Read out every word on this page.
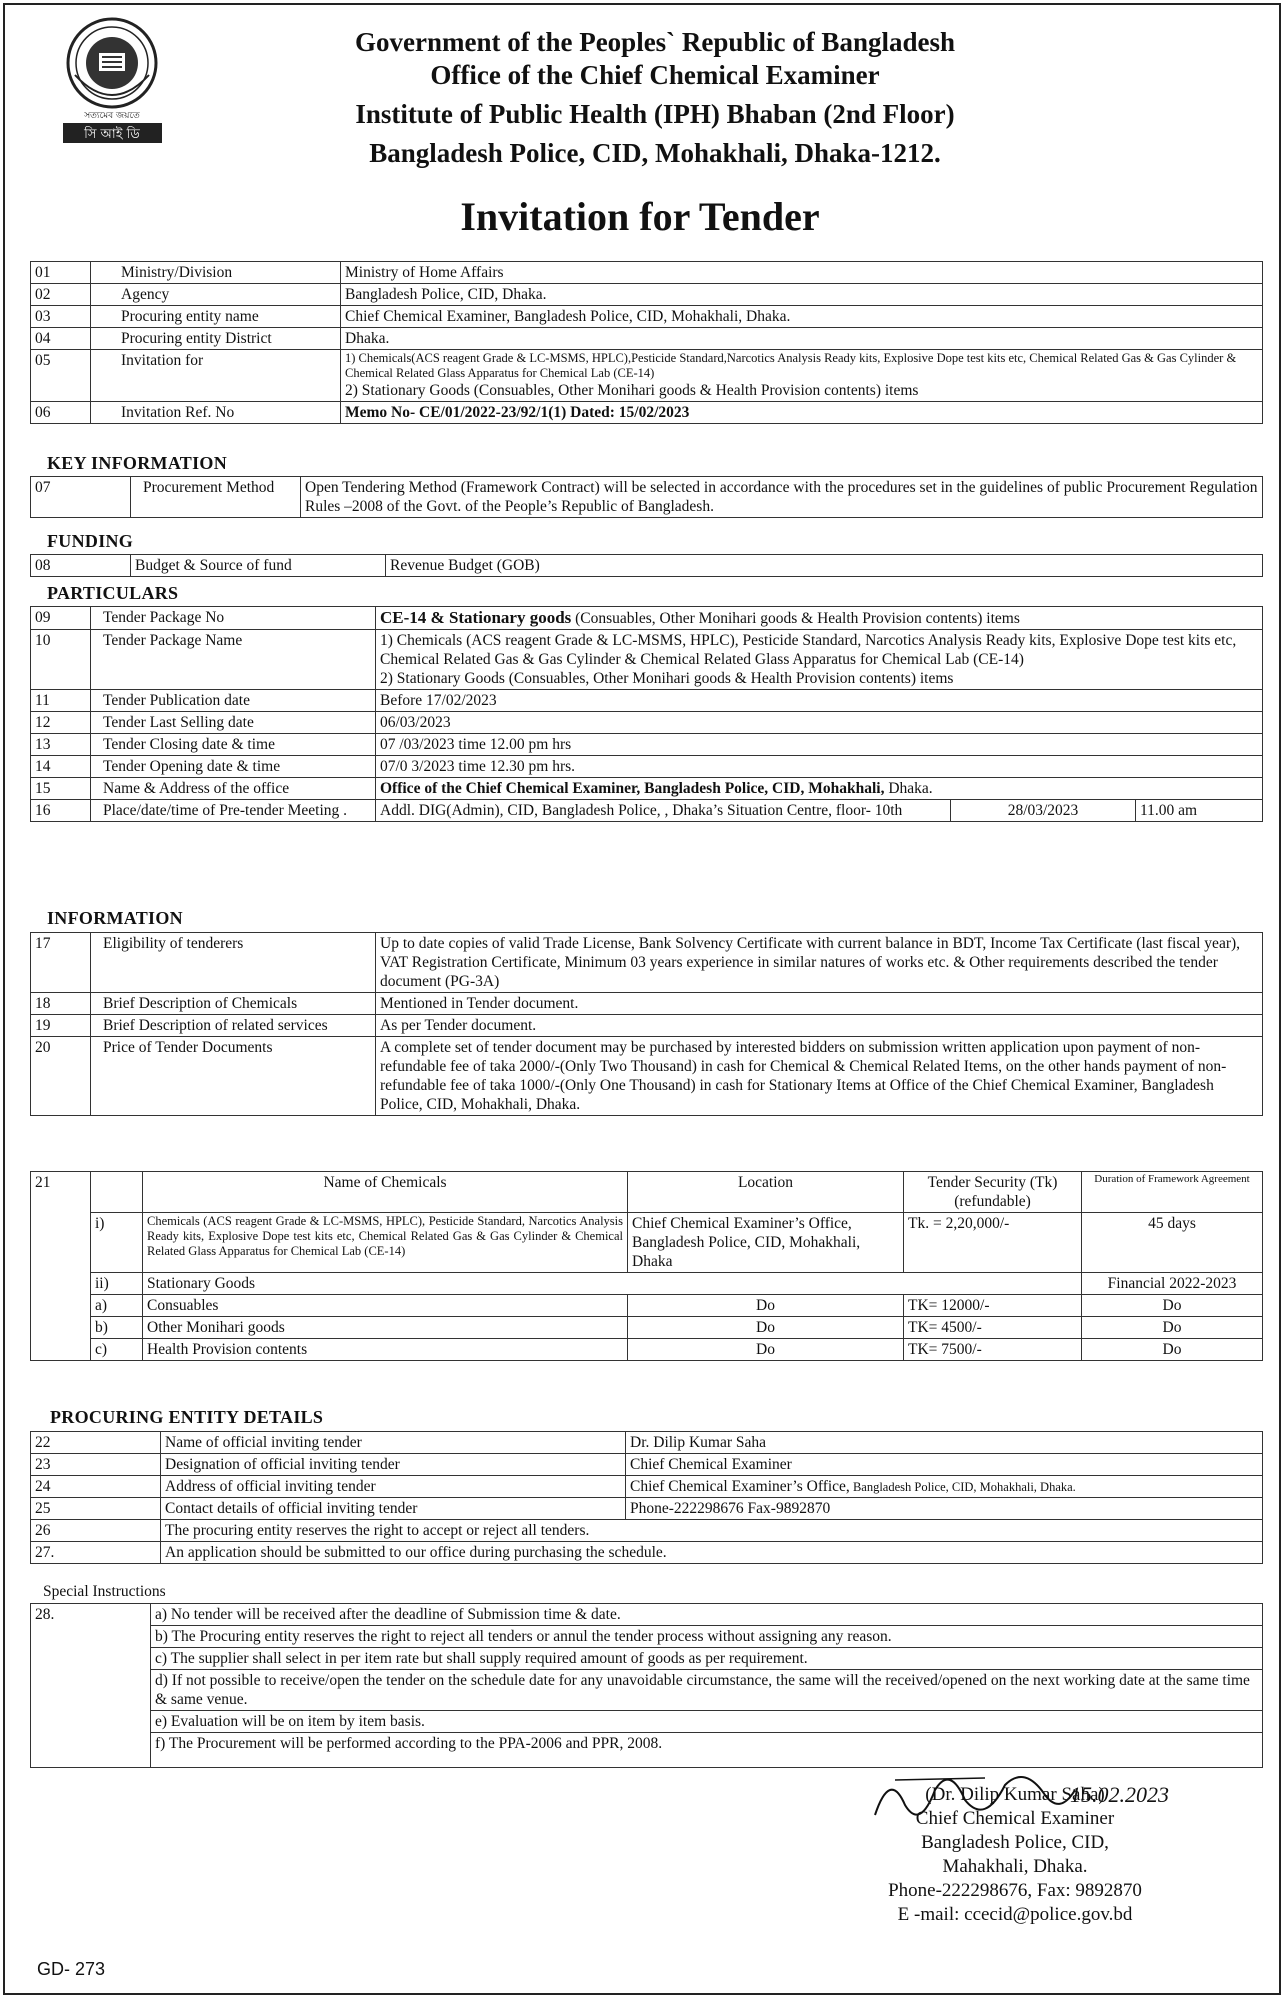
সত্যমেব জয়তে
সি আই ডি
Government of the Peoples` Republic of Bangladesh
Office of the Chief Chemical Examiner
Institute of Public Health (IPH) Bhaban (2nd Floor)
Bangladesh Police, CID, Mohakhali, Dhaka-1212.
Invitation for Tender
01	Ministry/Division	Ministry of Home Affairs
02	Agency	Bangladesh Police, CID, Dhaka.
03	Procuring entity name	Chief Chemical Examiner, Bangladesh Police, CID, Mohakhali, Dhaka.
04	Procuring entity District	Dhaka.
05	Invitation for	1) Chemicals(ACS reagent Grade & LC-MSMS, HPLC),Pesticide Standard,Narcotics Analysis Ready kits, Explosive Dope test kits etc, Chemical Related Gas & Gas Cylinder & Chemical Related Glass Apparatus for Chemical Lab (CE-14)
2) Stationary Goods (Consuables, Other Monihari goods & Health Provision contents) items

06	Invitation Ref. No	Memo No- CE/01/2022-23/92/1(1) Dated: 15/02/2023
KEY INFORMATION
07	Procurement Method	Open Tendering Method (Framework Contract) will be selected in accordance with the procedures set in the guidelines of public Procurement Regulation Rules –2008 of the Govt. of the People’s Republic of Bangladesh.
FUNDING
08	Budget & Source of fund	Revenue Budget (GOB)
PARTICULARS
09	Tender Package No	CE-14 & Stationary goods (Consuables, Other Monihari goods & Health Provision contents) items		
10	Tender Package Name	1) Chemicals (ACS reagent Grade & LC-MSMS, HPLC), Pesticide Standard, Narcotics Analysis Ready kits, Explosive Dope test kits etc, Chemical Related Gas & Gas Cylinder & Chemical Related Glass Apparatus for Chemical Lab (CE-14)
2) Stationary Goods (Consuables, Other Monihari goods & Health Provision contents) items		

11	Tender Publication date	Before 17/02/2023		
12	Tender Last Selling date	06/03/2023		
13	Tender Closing date & time	07 /03/2023 time 12.00 pm hrs		
14	Tender Opening date & time	07/0 3/2023 time 12.30 pm hrs.		
15	Name & Address of the office	Office of the Chief Chemical Examiner, Bangladesh Police, CID, Mohakhali, Dhaka.		
16	Place/date/time of Pre-tender Meeting .	Addl. DIG(Admin), CID, Bangladesh Police, , Dhaka’s Situation Centre, floor- 10th	28/03/2023	11.00 am
INFORMATION
17	Eligibility of tenderers	Up to date copies of valid Trade License, Bank Solvency Certificate with current balance in BDT, Income Tax Certificate (last fiscal year), VAT Registration Certificate, Minimum 03 years experience in similar natures of works etc. & Other requirements described the tender document (PG-3A)
18	Brief Description of Chemicals	Mentioned in Tender document.
19	Brief Description of related services	As per Tender document.
20	Price of Tender Documents	A complete set of tender document may be purchased by interested bidders on submission written application upon payment of non-refundable fee of taka 2000/-(Only Two Thousand) in cash for Chemical & Chemical Related Items, on the other hands payment of non-refundable fee of taka 1000/-(Only One Thousand) in cash for Stationary Items at Office of the Chief Chemical Examiner, Bangladesh Police, CID, Mohakhali, Dhaka.
21		Name of Chemicals	Location	Tender Security (Tk) (refundable)	Duration of Framework Agreement
	i)	Chemicals (ACS reagent Grade & LC-MSMS, HPLC), Pesticide Standard, Narcotics Analysis Ready kits, Explosive Dope test kits etc, Chemical Related Gas & Gas Cylinder & Chemical Related Glass Apparatus for Chemical Lab (CE-14)	Chief Chemical Examiner’s Office, Bangladesh Police, CID, Mohakhali, Dhaka	Tk. = 2,20,000/-	45 days
	ii)	Stationary Goods			Financial 2022-2023
	a)	Consuables	Do	TK= 12000/-	Do
	b)	Other Monihari goods	Do	TK= 4500/-	Do
	c)	Health Provision contents	Do	TK= 7500/-	Do
PROCURING ENTITY DETAILS
22	Name of official inviting tender	Dr. Dilip Kumar Saha
23	Designation of official inviting tender	Chief Chemical Examiner
24	Address of official inviting tender	Chief Chemical Examiner’s Office, Bangladesh Police, CID, Mohakhali, Dhaka.
25	Contact details of official inviting tender	Phone-222298676 Fax-9892870
26	The procuring entity reserves the right to accept or reject all tenders.	
27.	An application should be submitted to our office during purchasing the schedule.	
Special Instructions
28.	a) No tender will be received after the deadline of Submission time & date.
b) The Procuring entity reserves the right to reject all tenders or annul the tender process without assigning any reason.
c) The supplier shall select in per item rate but shall supply required amount of goods as per requirement.
d) If not possible to receive/open the tender on the schedule date for any unavoidable circumstance, the same will the received/opened on the next working date at the same time & same venue.
e) Evaluation will be on item by item basis.
f) The Procurement will be performed according to the PPA-2006 and PPR, 2008.
15.02.2023
(Dr. Dilip Kumar Saha)
Chief Chemical Examiner
Bangladesh Police, CID,
Mahakhali, Dhaka.
Phone-222298676, Fax: 9892870
E -mail: ccecid@police.gov.bd
GD- 273
